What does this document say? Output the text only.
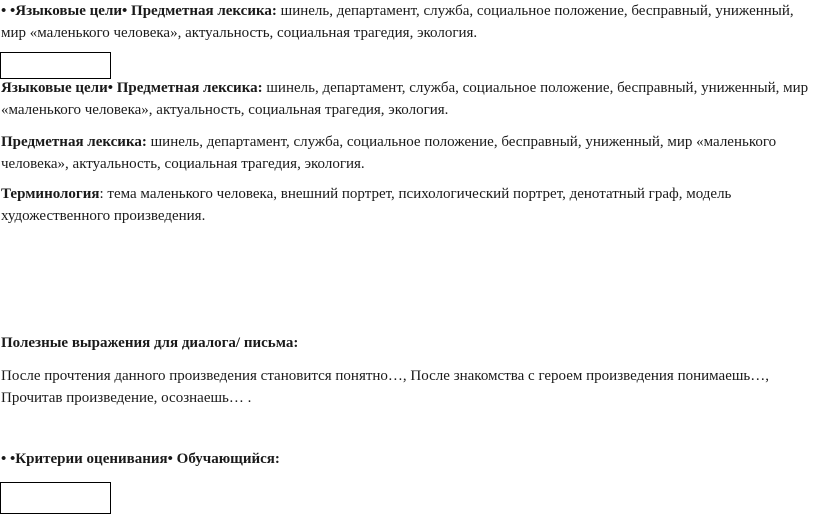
• •Языковые цели• Предметная лексика: шинель, департамент, служба, социальное положение, бесправный, униженный, мир «маленького человека», актуальность, социальная трагедия, экология.
Языковые цели• Предметная лексика: шинель, департамент, служба, социальное положение, бесправный, униженный, мир «маленького человека», актуальность, социальная трагедия, экология.
Предметная лексика: шинель, департамент, служба, социальное положение, бесправный, униженный, мир «маленького человека», актуальность, социальная трагедия, экология.
Терминология: тема маленького человека, внешний портрет, психологический портрет, денотатный граф, модель художественного произведения.
Полезные выражения для диалога/ письма:
После прочтения данного произведения становится понятно…, После знакомства с героем произведения понимаешь…, Прочитав произведение, осознаешь… .
• •Критерии оценивания• Обучающийся:
